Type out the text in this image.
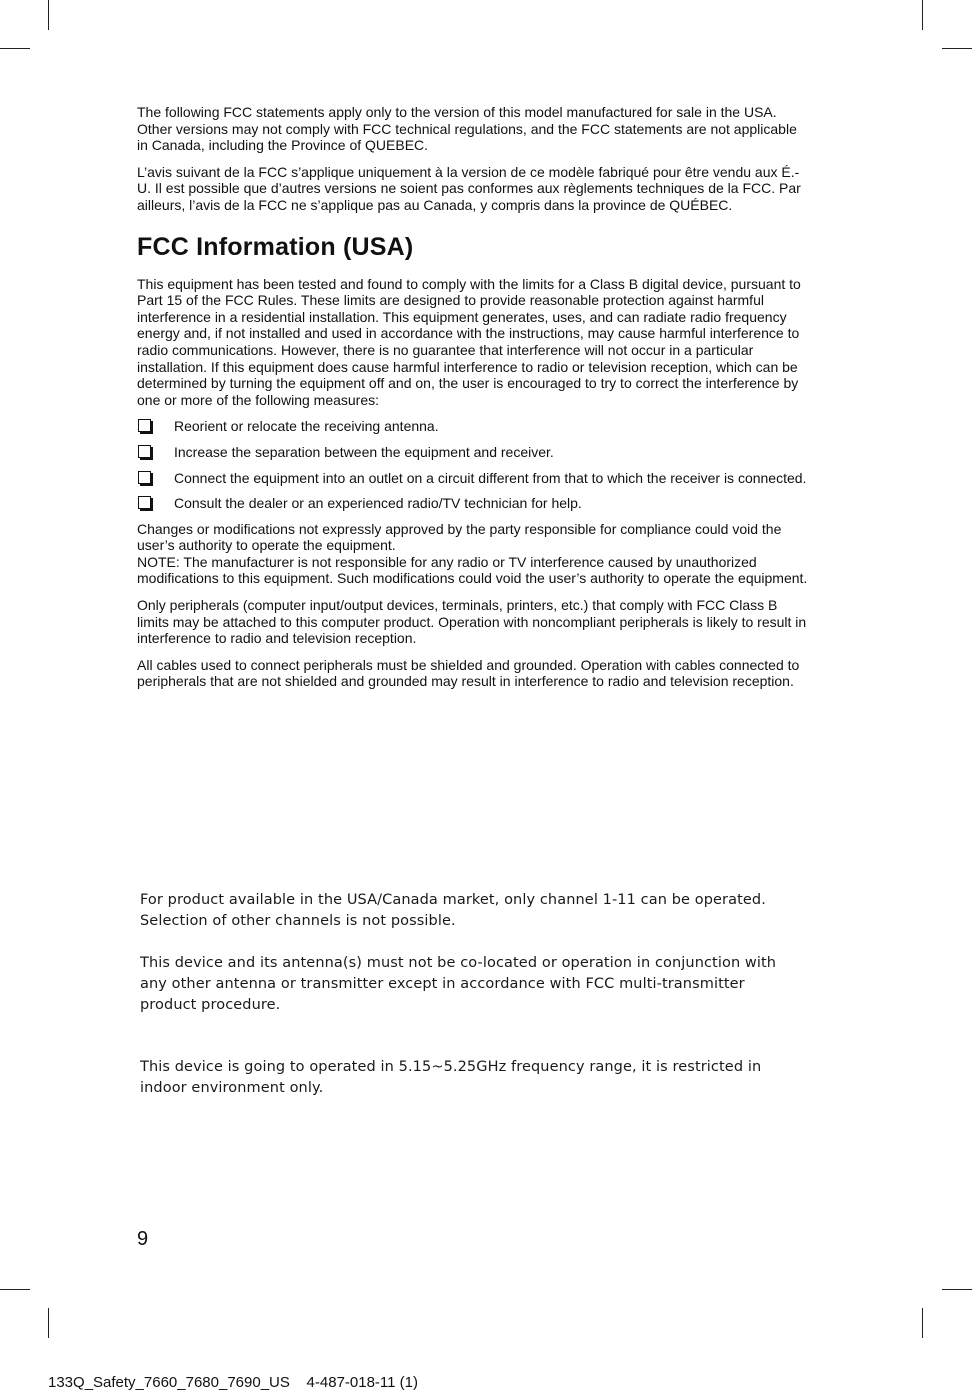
The following FCC statements apply only to the version of this model manufactured for sale in the USA. Other versions may not comply with FCC technical regulations, and the FCC statements are not applicable in Canada, including the Province of QUEBEC.

L’avis suivant de la FCC s’applique uniquement à la version de ce modèle fabriqué pour être vendu aux É.-U. Il est possible que d’autres versions ne soient pas conformes aux règlements techniques de la FCC. Par ailleurs, l’avis de la FCC ne s’applique pas au Canada, y compris dans la province de QUÉBEC.

FCC Information (USA)

This equipment has been tested and found to comply with the limits for a Class B digital device, pursuant to Part 15 of the FCC Rules. These limits are designed to provide reasonable protection against harmful interference in a residential installation. This equipment generates, uses, and can radiate radio frequency energy and, if not installed and used in accordance with the instructions, may cause harmful interference to radio communications. However, there is no guarantee that interference will not occur in a particular installation. If this equipment does cause harmful interference to radio or television reception, which can be determined by turning the equipment off and on, the user is encouraged to try to correct the interference by one or more of the following measures:

Reorient or relocate the receiving antenna.
Increase the separation between the equipment and receiver.
Connect the equipment into an outlet on a circuit different from that to which the receiver is connected.
Consult the dealer or an experienced radio/TV technician for help.

Changes or modifications not expressly approved by the party responsible for compliance could void the user’s authority to operate the equipment.

NOTE: The manufacturer is not responsible for any radio or TV interference caused by unauthorized modifications to this equipment. Such modifications could void the user’s authority to operate the equipment.

Only peripherals (computer input/output devices, terminals, printers, etc.) that comply with FCC Class B limits may be attached to this computer product. Operation with noncompliant peripherals is likely to result in interference to radio and television reception.

All cables used to connect peripherals must be shielded and grounded. Operation with cables connected to peripherals that are not shielded and grounded may result in interference to radio and television reception.

For product available in the USA/Canada market, only channel 1-11 can be operated. Selection of other channels is not possible.

This device and its antenna(s) must not be co-located or operation in conjunction with any other antenna or transmitter except in accordance with FCC multi-transmitter product procedure.

This device is going to operated in 5.15~5.25GHz frequency range, it is restricted in indoor environment only.

9
133Q_Safety_7660_7680_7690_US    4-487-018-11 (1)
